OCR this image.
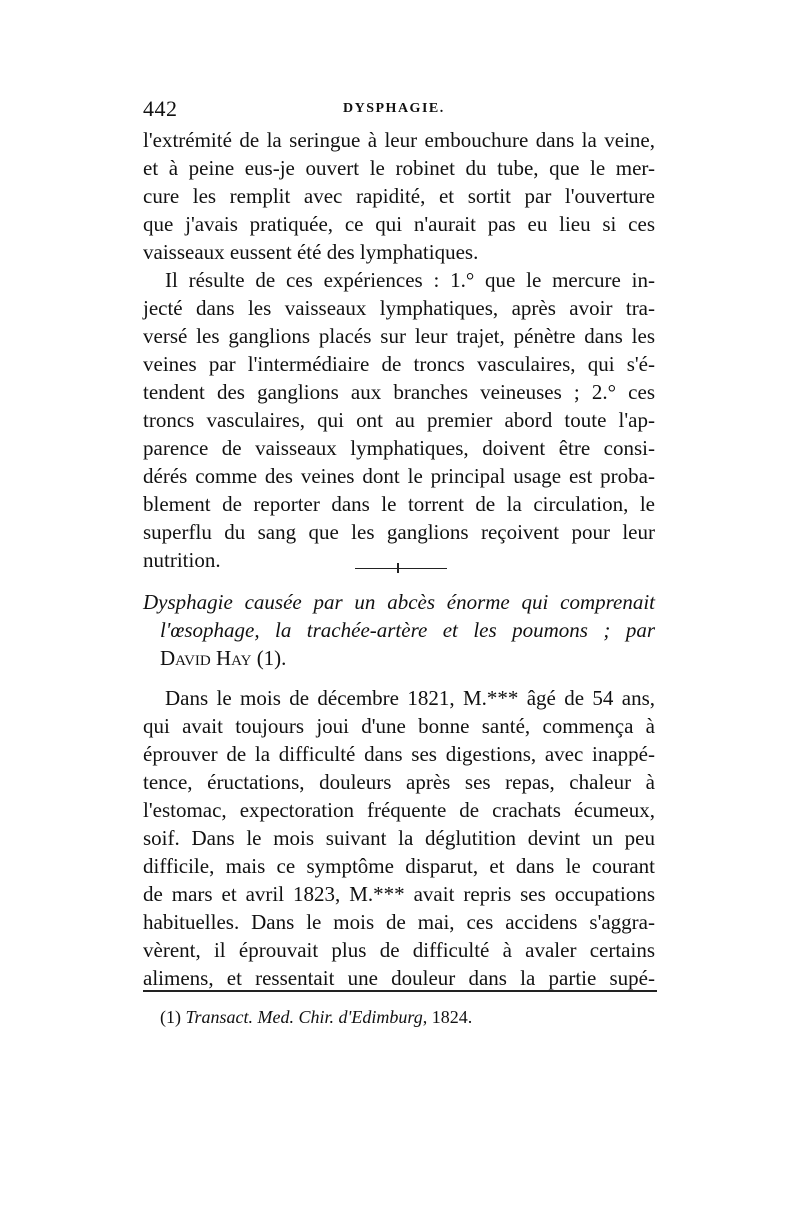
442	DYSPHAGIE.
l'extrémité de la seringue à leur embouchure dans la veine,
et à peine eus-je ouvert le robinet du tube, que le mer-
cure les remplit avec rapidité, et sortit par l'ouverture
que j'avais pratiquée, ce qui n'aurait pas eu lieu si ces
vaisseaux eussent été des lymphatiques.
Il résulte de ces expériences : 1.° que le mercure in-
jecté dans les vaisseaux lymphatiques, après avoir tra-
versé les ganglions placés sur leur trajet, pénètre dans les
veines par l'intermédiaire de troncs vasculaires, qui s'é-
tendent des ganglions aux branches veineuses ; 2.° ces
troncs vasculaires, qui ont au premier abord toute l'ap-
parence de vaisseaux lymphatiques, doivent être consi-
dérés comme des veines dont le principal usage est proba-
blement de reporter dans le torrent de la circulation, le
superflu du sang que les ganglions reçoivent pour leur
nutrition.
Dysphagie causée par un abcès énorme qui comprenait
l'œsophage, la trachée-artère et les poumons ; par
David Hay (1).
Dans le mois de décembre 1821, M.*** âgé de 54 ans,
qui avait toujours joui d'une bonne santé, commença à
éprouver de la difficulté dans ses digestions, avec inappé-
tence, éructations, douleurs après ses repas, chaleur à
l'estomac, expectoration fréquente de crachats écumeux,
soif. Dans le mois suivant la déglutition devint un peu
difficile, mais ce symptôme disparut, et dans le courant
de mars et avril 1823, M.*** avait repris ses occupations
habituelles. Dans le mois de mai, ces accidens s'aggra-
vèrent, il éprouvait plus de difficulté à avaler certains
alimens, et ressentait une douleur dans la partie supé-
(1) Transact. Med. Chir. d'Edimburg, 1824.
